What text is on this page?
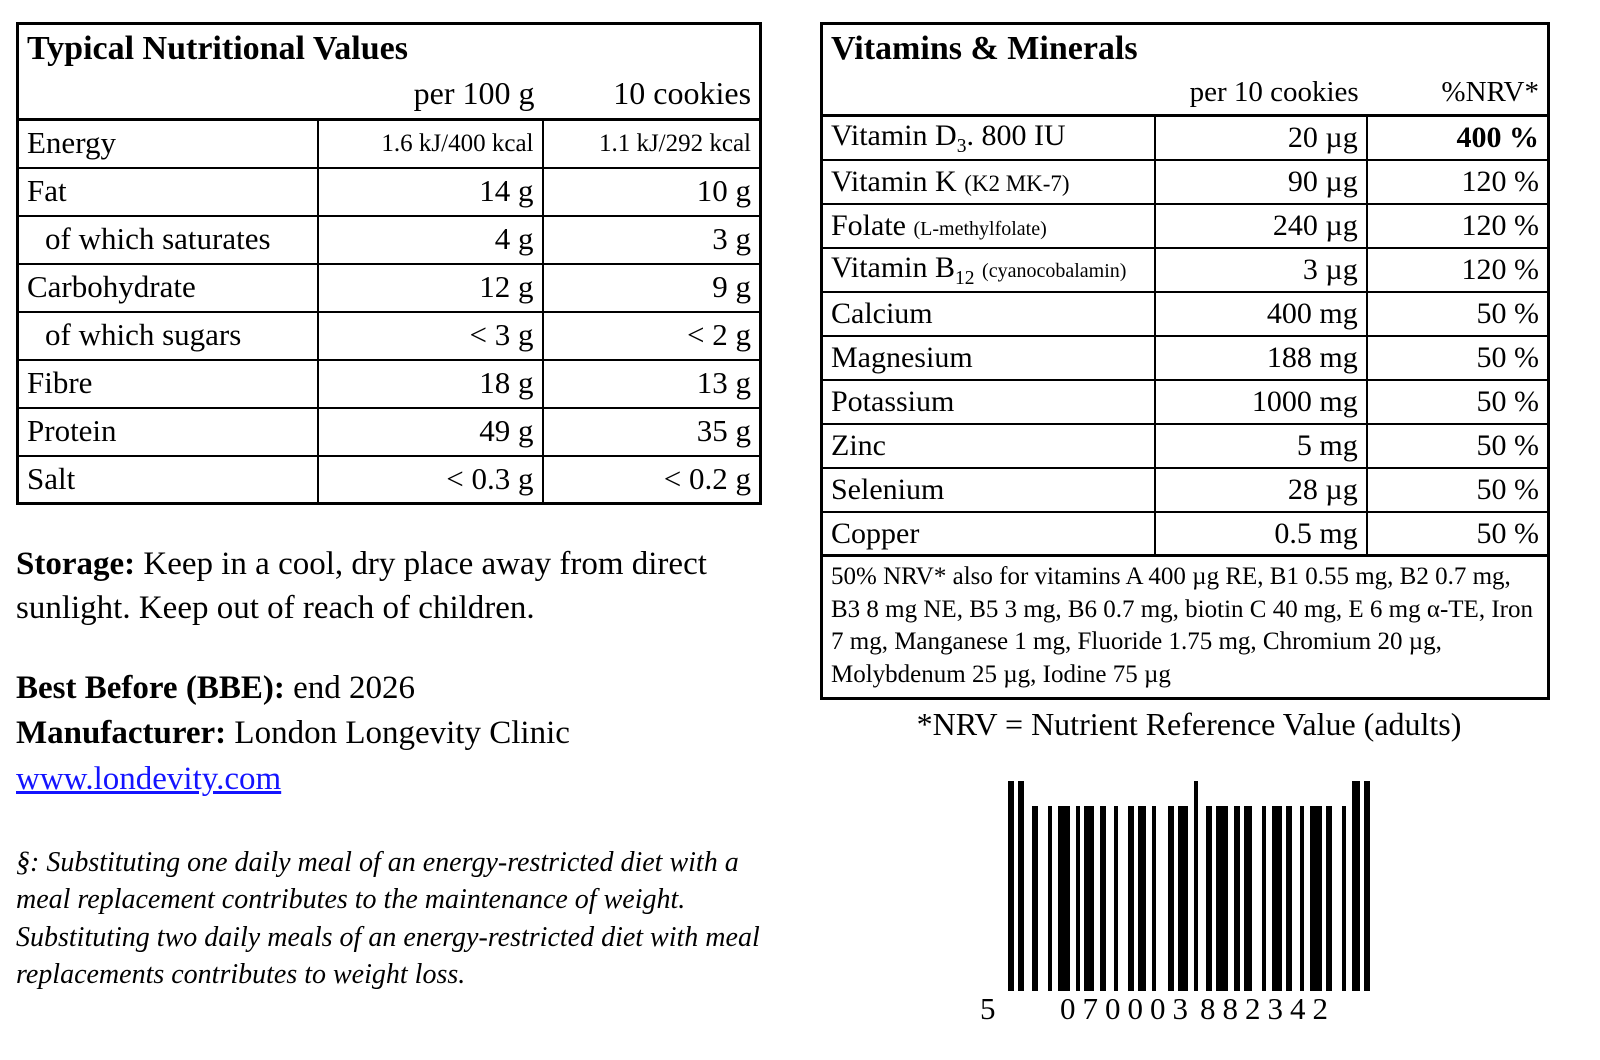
Typical Nutritional Values		
	per 100 g	10 cookies
Energy	1.6 kJ/400 kcal	1.1 kJ/292 kcal
Fat	14 g	10 g
of which saturates	4 g	3 g
Carbohydrate	12 g	9 g
of which sugars	< 3 g	< 2 g
Fibre	18 g	13 g
Protein	49 g	35 g
Salt	< 0.3 g	< 0.2 g
Storage: Keep in a cool, dry place away from direct sunlight. Keep out of reach of children.
Best Before (BBE): end 2026
Manufacturer: London Longevity Clinic
www.londevity.com
§: Substituting one daily meal of an energy-restricted diet with a meal replacement contributes to the maintenance of weight. Substituting two daily meals of an energy-restricted diet with meal replacements contributes to weight loss.
Vitamins & Minerals		
	per 10 cookies	%NRV*
Vitamin $D_3$. 800 IU	20 µg	400 %
Vitamin K (K2 MK-7)	90 µg	120 %
Folate (L-methylfolate)	240 µg	120 %
Vitamin $B_{12}$ (cyanocobalamin)	3 µg	120 %
Calcium	400 mg	50 %
Magnesium	188 mg	50 %
Potassium	1000 mg	50 %
Zinc	5 mg	50 %
Selenium	28 µg	50 %
Copper	0.5 mg	50 %
50% NRV* also for vitamins A 400 µg RE, B1 0.55 mg, B2 0.7 mg, B3 8 mg NE, B5 3 mg, B6 0.7 mg, biotin C 40 mg, E 6 mg α-TE, Iron 7 mg, Manganese 1 mg, Fluoride 1.75 mg, Chromium 20 µg, Molybdenum 25 µg, Iodine 75 µg		
*NRV = Nutrient Reference Value (adults)
5 070003 882342
